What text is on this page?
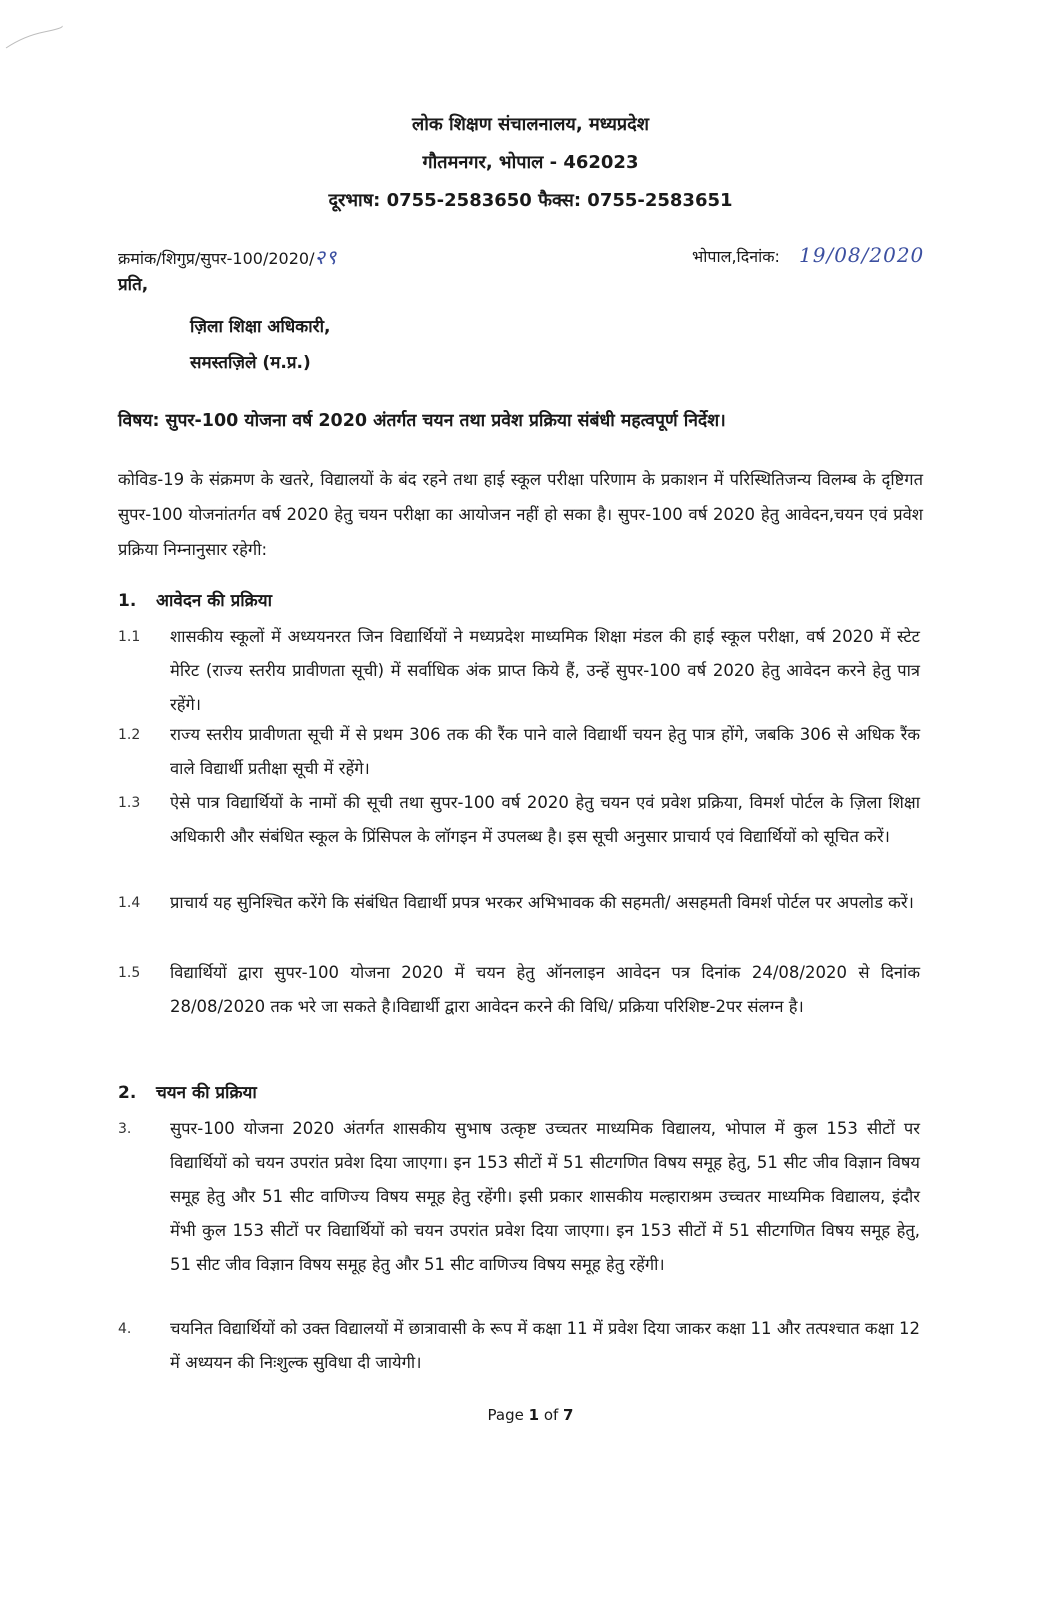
लोक शिक्षण संचालनालय, मध्यप्रदेश
गौतमनगर, भोपाल - 462023
दूरभाष: 0755-2583650 फैक्स: 0755-2583651
क्रमांक/शिगुप्र/सुपर-100/2020/२९	भोपाल,दिनांक: 19/08/2020
प्रति,
ज़िला शिक्षा अधिकारी,
समस्तज़िले (म.प्र.)
विषय: सुपर-100 योजना वर्ष 2020 अंतर्गत चयन तथा प्रवेश प्रक्रिया संबंधी महत्वपूर्ण निर्देश।
कोविड-19 के संक्रमण के खतरे, विद्यालयों के बंद रहने तथा हाई स्कूल परीक्षा परिणाम के प्रकाशन में परिस्थितिजन्य विलम्ब के दृष्टिगत सुपर-100 योजनांतर्गत वर्ष 2020 हेतु चयन परीक्षा का आयोजन नहीं हो सका है। सुपर-100 वर्ष 2020 हेतु आवेदन,चयन एवं प्रवेश प्रक्रिया निम्नानुसार रहेगी:
1. आवेदन की प्रक्रिया
1.1	शासकीय स्कूलों में अध्ययनरत जिन विद्यार्थियों ने मध्यप्रदेश माध्यमिक शिक्षा मंडल की हाई स्कूल परीक्षा, वर्ष 2020 में स्टेट मेरिट (राज्य स्तरीय प्रावीणता सूची) में सर्वाधिक अंक प्राप्त किये हैं, उन्हें सुपर-100 वर्ष 2020 हेतु आवेदन करने हेतु पात्र रहेंगे।
1.2	राज्य स्तरीय प्रावीणता सूची में से प्रथम 306 तक की रैंक पाने वाले विद्यार्थी चयन हेतु पात्र होंगे, जबकि 306 से अधिक रैंक वाले विद्यार्थी प्रतीक्षा सूची में रहेंगे।
1.3	ऐसे पात्र विद्यार्थियों के नामों की सूची तथा सुपर-100 वर्ष 2020 हेतु चयन एवं प्रवेश प्रक्रिया, विमर्श पोर्टल के ज़िला शिक्षा अधिकारी और संबंधित स्कूल के प्रिंसिपल के लॉगइन में उपलब्ध है। इस सूची अनुसार प्राचार्य एवं विद्यार्थियों को सूचित करें।
1.4	प्राचार्य यह सुनिश्चित करेंगे कि संबंधित विद्यार्थी प्रपत्र भरकर अभिभावक की सहमती/ असहमती विमर्श पोर्टल पर अपलोड करें।
1.5	विद्यार्थियों द्वारा सुपर-100 योजना 2020 में चयन हेतु ऑनलाइन आवेदन पत्र दिनांक 24/08/2020 से दिनांक 28/08/2020 तक भरे जा सकते है।विद्यार्थी द्वारा आवेदन करने की विधि/ प्रक्रिया परिशिष्ट-2पर संलग्न है।
2. चयन की प्रक्रिया
3.	सुपर-100 योजना 2020 अंतर्गत शासकीय सुभाष उत्कृष्ट उच्चतर माध्यमिक विद्यालय, भोपाल में कुल 153 सीटों पर विद्यार्थियों को चयन उपरांत प्रवेश दिया जाएगा। इन 153 सीटों में 51 सीटगणित विषय समूह हेतु, 51 सीट जीव विज्ञान विषय समूह हेतु और 51 सीट वाणिज्य विषय समूह हेतु रहेंगी। इसी प्रकार शासकीय मल्हाराश्रम उच्चतर माध्यमिक विद्यालय, इंदौर मेंभी कुल 153 सीटों पर विद्यार्थियों को चयन उपरांत प्रवेश दिया जाएगा। इन 153 सीटों में 51 सीटगणित विषय समूह हेतु, 51 सीट जीव विज्ञान विषय समूह हेतु और 51 सीट वाणिज्य विषय समूह हेतु रहेंगी।
4.	चयनित विद्यार्थियों को उक्त विद्यालयों में छात्रावासी के रूप में कक्षा 11 में प्रवेश दिया जाकर कक्षा 11 और तत्पश्चात कक्षा 12 में अध्ययन की निःशुल्क सुविधा दी जायेगी।
Page 1 of 7
